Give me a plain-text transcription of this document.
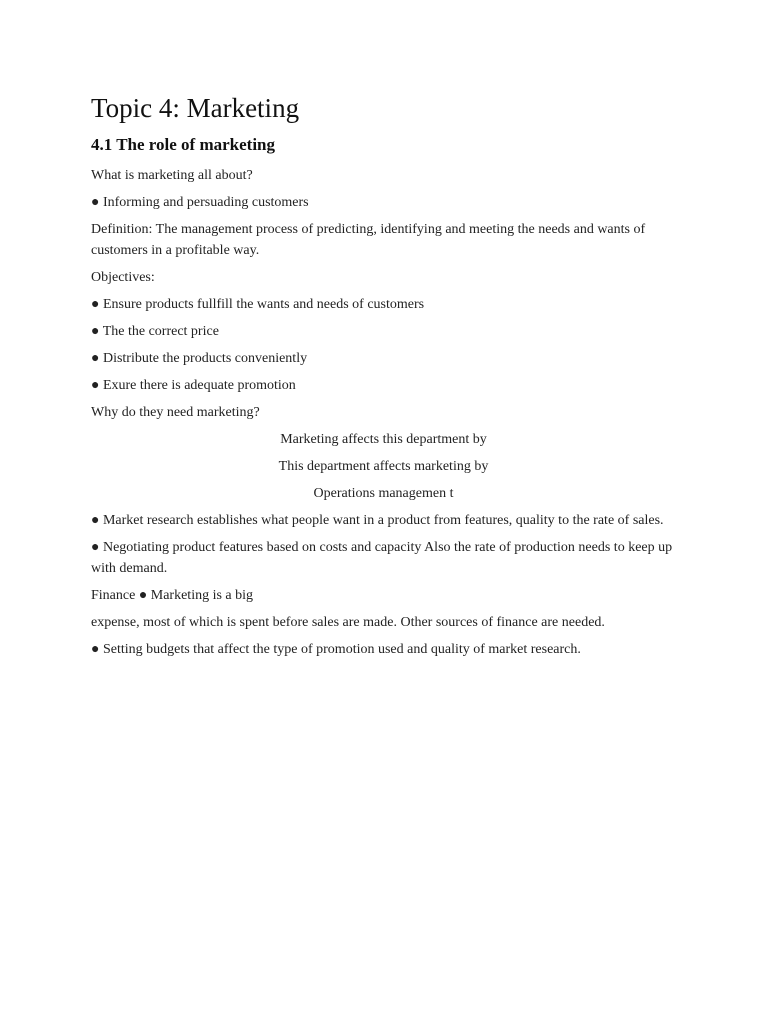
Topic 4: Marketing
4.1 The role of marketing

What is marketing all about?

● Informing and persuading customers

Definition: The management process of predicting, identifying and meeting the needs and wants of customers in a profitable way.

Objectives:

● Ensure products fullfill the wants and needs of customers

● The the correct price

● Distribute the products conveniently

● Exure there is adequate promotion

Why do they need marketing?

Marketing affects this department by

This department affects marketing by

Operations managemen t

● Market research establishes what people want in a product from features, quality to the rate of sales.

● Negotiating product features based on costs and capacity Also the rate of production needs to keep up with demand.

Finance ● Marketing is a big

expense, most of which is spent before sales are made. Other sources of finance are needed.

● Setting budgets that affect the type of promotion used and quality of market research.
